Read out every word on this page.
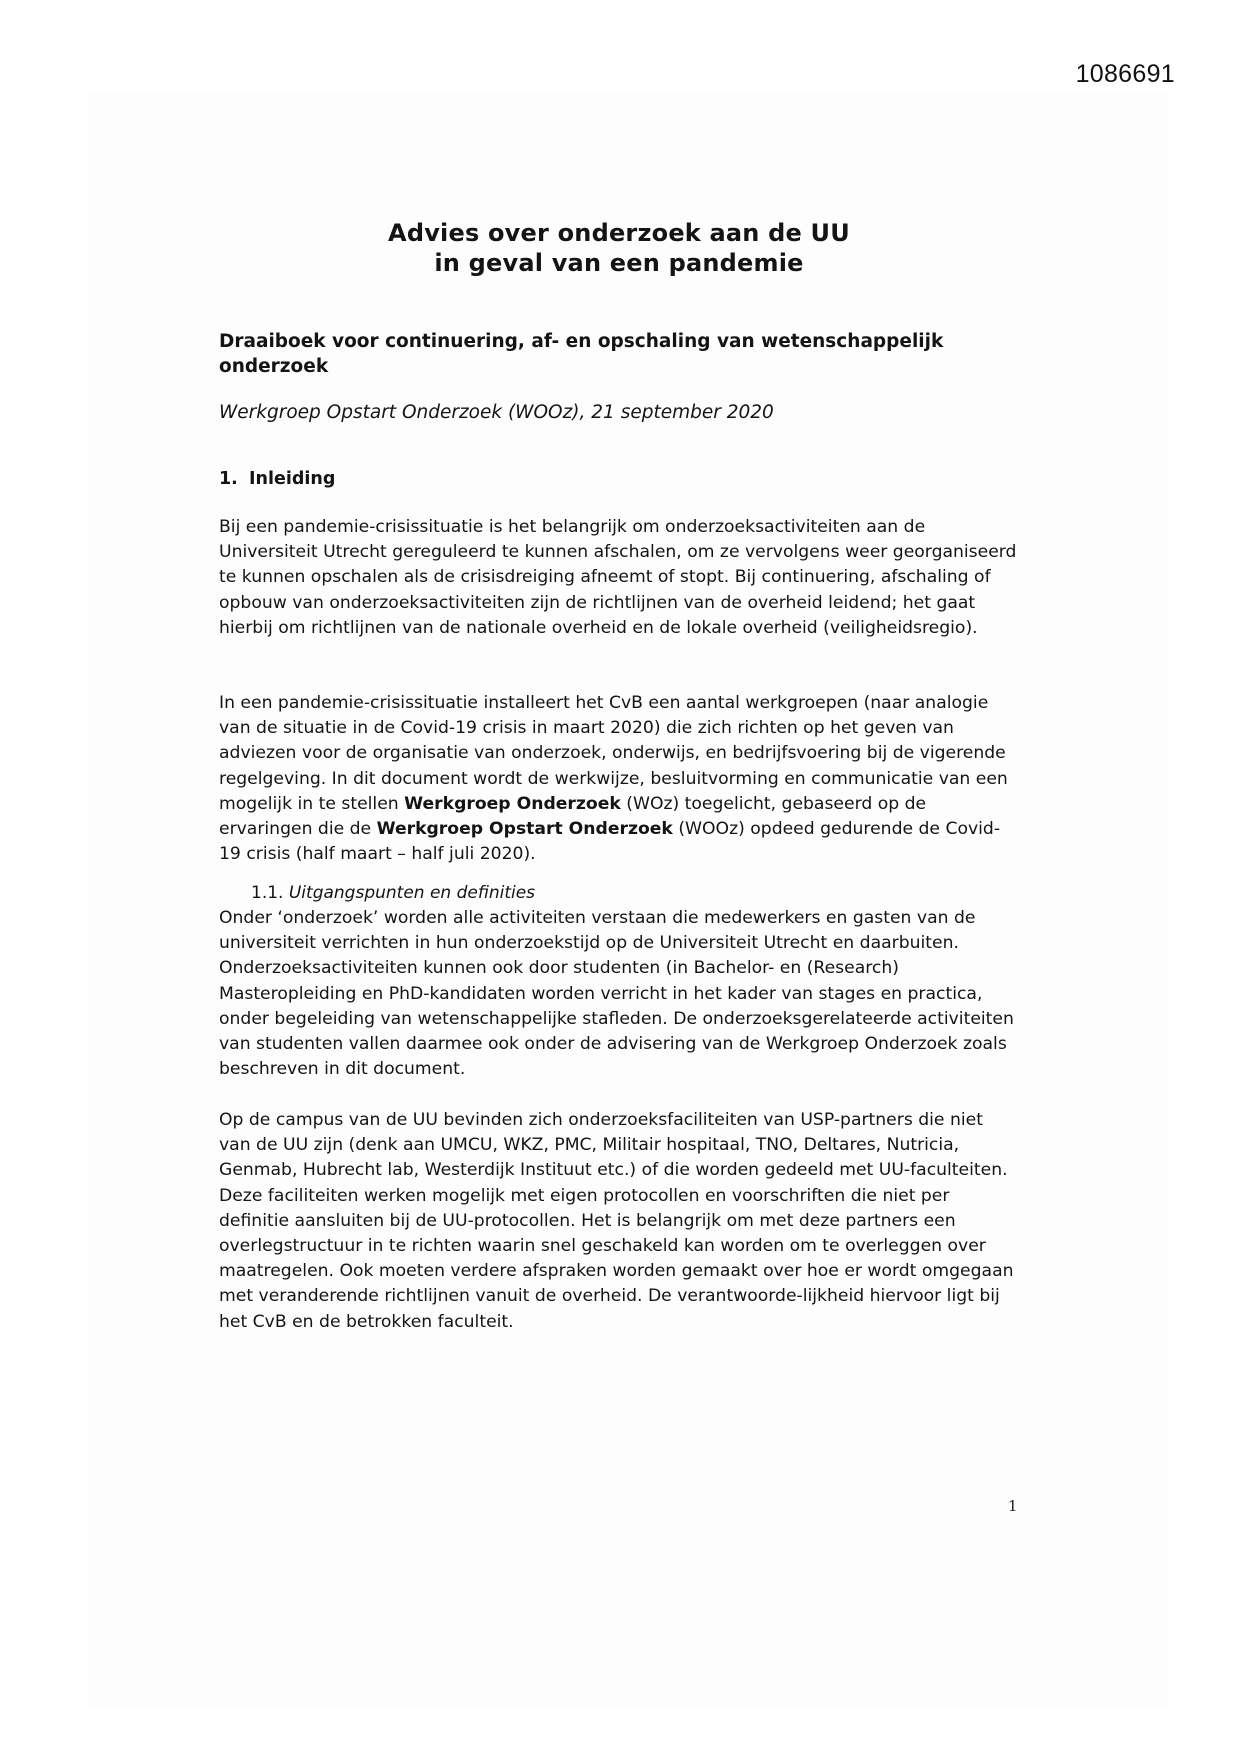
1086691
Advies over onderzoek aan de UU
in geval van een pandemie
Draaiboek voor continuering, af- en opschaling van wetenschappelijk onderzoek
Werkgroep Opstart Onderzoek (WOOz), 21 september 2020
1. Inleiding

Bij een pandemie-crisissituatie is het belangrijk om onderzoeksactiviteiten aan de Universiteit Utrecht gereguleerd te kunnen afschalen, om ze vervolgens weer georganiseerd te kunnen opschalen als de crisisdreiging afneemt of stopt. Bij continuering, afschaling of opbouw van onderzoeksactiviteiten zijn de richtlijnen van de overheid leidend; het gaat hierbij om richtlijnen van de nationale overheid en de lokale overheid (veiligheidsregio).

In een pandemie-crisissituatie installeert het CvB een aantal werkgroepen (naar analogie van de situatie in de Covid-19 crisis in maart 2020) die zich richten op het geven van adviezen voor de organisatie van onderzoek, onderwijs, en bedrijfsvoering bij de vigerende regelgeving. In dit document wordt de werkwijze, besluitvorming en communicatie van een mogelijk in te stellen Werkgroep Onderzoek (WOz) toegelicht, gebaseerd op de ervaringen die de Werkgroep Opstart Onderzoek (WOOz) opdeed gedurende de Covid-19 crisis (half maart – half juli 2020).

1.1. Uitgangspunten en definities

Onder ‘onderzoek’ worden alle activiteiten verstaan die medewerkers en gasten van de universiteit verrichten in hun onderzoekstijd op de Universiteit Utrecht en daarbuiten. Onderzoeksactiviteiten kunnen ook door studenten (in Bachelor- en (Research) Masteropleiding en PhD-kandidaten worden verricht in het kader van stages en practica, onder begeleiding van wetenschappelijke stafleden. De onderzoeksgerelateerde activiteiten van studenten vallen daarmee ook onder de advisering van de Werkgroep Onderzoek zoals beschreven in dit document.

Op de campus van de UU bevinden zich onderzoeksfaciliteiten van USP-partners die niet van de UU zijn (denk aan UMCU, WKZ, PMC, Militair hospitaal, TNO, Deltares, Nutricia, Genmab, Hubrecht lab, Westerdijk Instituut etc.) of die worden gedeeld met UU-faculteiten. Deze faciliteiten werken mogelijk met eigen protocollen en voorschriften die niet per definitie aansluiten bij de UU-protocollen. Het is belangrijk om met deze partners een overlegstructuur in te richten waarin snel geschakeld kan worden om te overleggen over maatregelen. Ook moeten verdere afspraken worden gemaakt over hoe er wordt omgegaan met veranderende richtlijnen vanuit de overheid. De verantwoorde-lijkheid hiervoor ligt bij het CvB en de betrokken faculteit.

1
